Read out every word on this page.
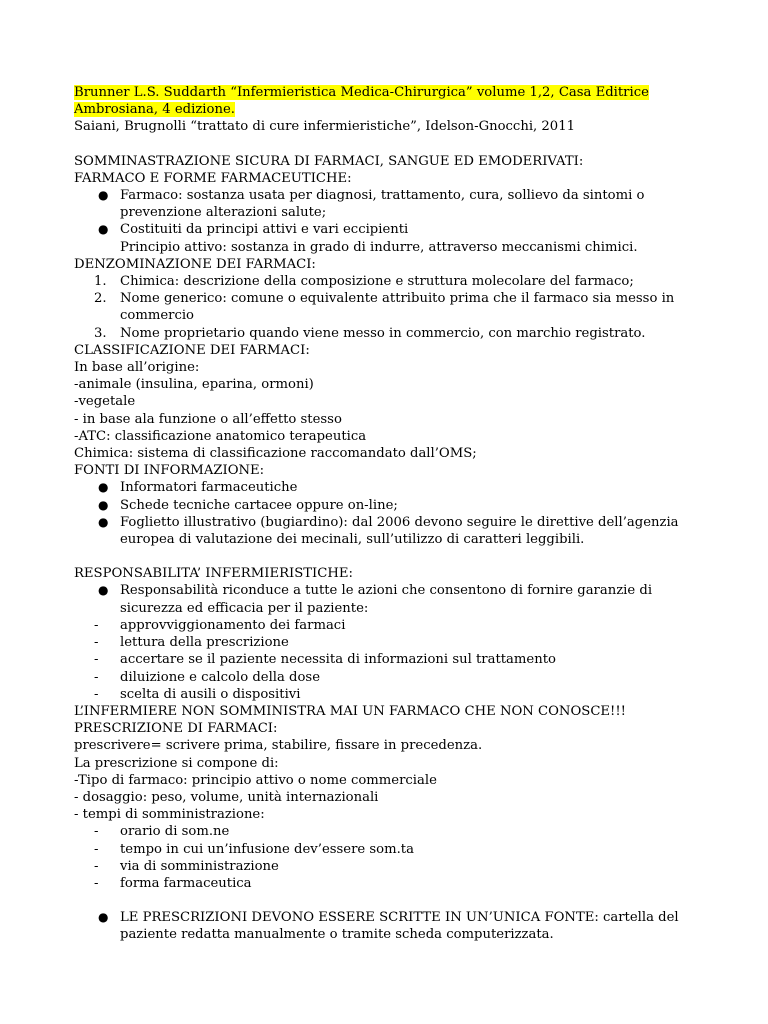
Brunner L.S. Suddarth “Infermieristica Medica-Chirurgica” volume 1,2, Casa Editrice
Ambrosiana, 4 edizione.
Saiani, Brugnolli “trattato di cure infermieristiche”, Idelson-Gnocchi, 2011
SOMMINASTRAZIONE SICURA DI FARMACI, SANGUE ED EMODERIVATI:
FARMACO E FORME FARMACEUTICHE:
● Farmaco: sostanza usata per diagnosi, trattamento, cura, sollievo da sintomi o
prevenzione alterazioni salute;
● Costituiti da principi attivi e vari eccipienti
Principio attivo: sostanza in grado di indurre, attraverso meccanismi chimici.
DENZOMINAZIONE DEI FARMACI:
1. Chimica: descrizione della composizione e struttura molecolare del farmaco;
2. Nome generico: comune o equivalente attribuito prima che il farmaco sia messo in
commercio
3. Nome proprietario quando viene messo in commercio, con marchio registrato.
CLASSIFICAZIONE DEI FARMACI:
In base all’origine:
-animale (insulina, eparina, ormoni)
-vegetale
- in base ala funzione o all’effetto stesso
-ATC: classificazione anatomico terapeutica
Chimica: sistema di classificazione raccomandato dall’OMS;
FONTI DI INFORMAZIONE:
● Informatori farmaceutiche
● Schede tecniche cartacee oppure on-line;
● Foglietto illustrativo (bugiardino): dal 2006 devono seguire le direttive dell’agenzia
europea di valutazione dei mecinali, sull’utilizzo di caratteri leggibili.
RESPONSABILITA’ INFERMIERISTICHE:
● Responsabilità riconduce a tutte le azioni che consentono di fornire garanzie di
sicurezza ed efficacia per il paziente:
- approvviggionamento dei farmaci
- lettura della prescrizione
- accertare se il paziente necessita di informazioni sul trattamento
- diluizione e calcolo della dose
- scelta di ausili o dispositivi
L’INFERMIERE NON SOMMINISTRA MAI UN FARMACO CHE NON CONOSCE!!!
PRESCRIZIONE DI FARMACI:
prescrivere= scrivere prima, stabilire, fissare in precedenza.
La prescrizione si compone di:
-Tipo di farmaco: principio attivo o nome commerciale
- dosaggio: peso, volume, unità internazionali
- tempi di somministrazione:
- orario di som.ne
- tempo in cui un’infusione dev’essere som.ta
- via di somministrazione
- forma farmaceutica
● LE PRESCRIZIONI DEVONO ESSERE SCRITTE IN UN’UNICA FONTE: cartella del
paziente redatta manualmente o tramite scheda computerizzata.
